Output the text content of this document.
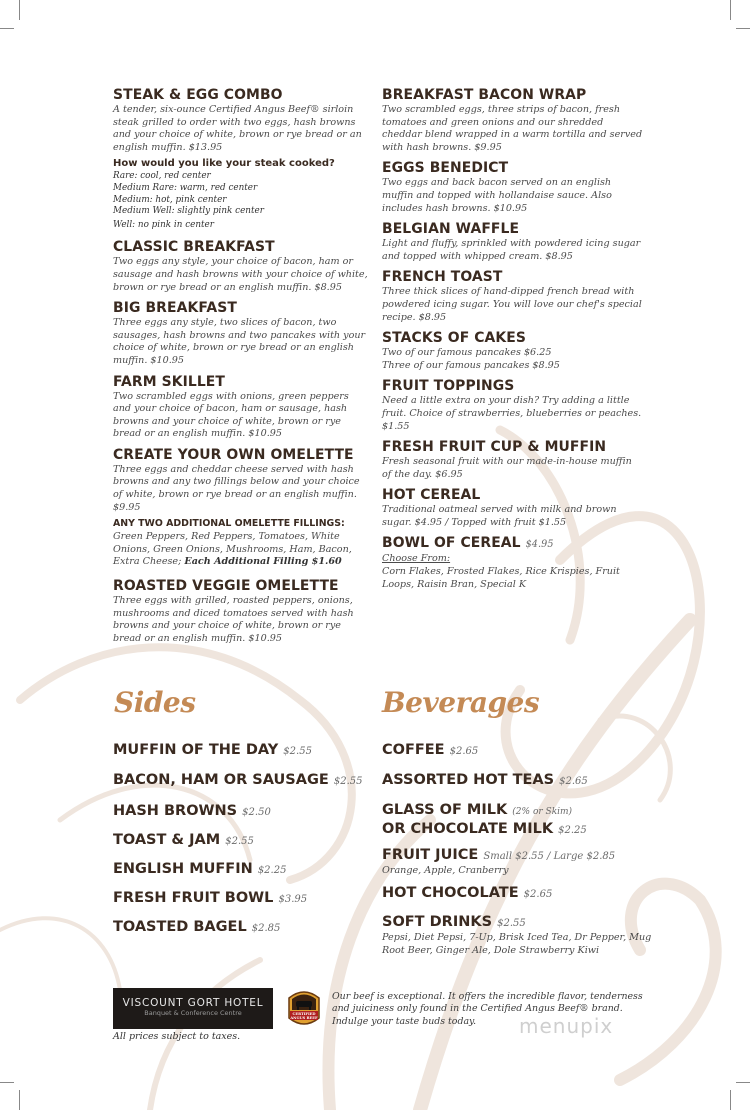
STEAK & EGG COMBO
A tender, six-ounce Certified Angus Beef® sirloin steak grilled to order with two eggs, hash browns and your choice of white, brown or rye bread or an english muffin. $13.95
How would you like your steak cooked?
Rare: cool, red center
Medium Rare: warm, red center
Medium: hot, pink center
Medium Well: slightly pink center
Well: no pink in center
CLASSIC BREAKFAST
Two eggs any style, your choice of bacon, ham or sausage and hash browns with your choice of white, brown or rye bread or an english muffin. $8.95
BIG BREAKFAST
Three eggs any style, two slices of bacon, two sausages, hash browns and two pancakes with your choice of white, brown or rye bread or an english muffin. $10.95
FARM SKILLET
Two scrambled eggs with onions, green peppers and your choice of bacon, ham or sausage, hash browns and your choice of white, brown or rye bread or an english muffin. $10.95
CREATE YOUR OWN OMELETTE
Three eggs and cheddar cheese served with hash browns and any two fillings below and your choice of white, brown or rye bread or an english muffin. $9.95
ANY TWO ADDITIONAL OMELETTE FILLINGS:
Green Peppers, Red Peppers, Tomatoes, White Onions, Green Onions, Mushrooms, Ham, Bacon, Extra Cheese; Each Additional Filling $1.60
ROASTED VEGGIE OMELETTE
Three eggs with grilled, roasted peppers, onions, mushrooms and diced tomatoes served with hash browns and your choice of white, brown or rye bread or an english muffin. $10.95
BREAKFAST BACON WRAP
Two scrambled eggs, three strips of bacon, fresh tomatoes and green onions and our shredded cheddar blend wrapped in a warm tortilla and served with hash browns. $9.95
EGGS BENEDICT
Two eggs and back bacon served on an english muffin and topped with hollandaise sauce. Also includes hash browns. $10.95
BELGIAN WAFFLE
Light and fluffy, sprinkled with powdered icing sugar and topped with whipped cream. $8.95
FRENCH TOAST
Three thick slices of hand-dipped french bread with powdered icing sugar. You will love our chef's special recipe. $8.95
STACKS OF CAKES
Two of our famous pancakes $6.25
Three of our famous pancakes $8.95
FRUIT TOPPINGS
Need a little extra on your dish? Try adding a little fruit. Choice of strawberries, blueberries or peaches. $1.55
FRESH FRUIT CUP & MUFFIN
Fresh seasonal fruit with our made-in-house muffin of the day. $6.95
HOT CEREAL
Traditional oatmeal served with milk and brown sugar. $4.95 / Topped with fruit $1.55
BOWL OF CEREAL $4.95
Choose From:
Corn Flakes, Frosted Flakes, Rice Krispies, Fruit Loops, Raisin Bran, Special K
Sides
MUFFIN OF THE DAY $2.55
BACON, HAM OR SAUSAGE $2.55
HASH BROWNS $2.50
TOAST & JAM $2.55
ENGLISH MUFFIN $2.25
FRESH FRUIT BOWL $3.95
TOASTED BAGEL $2.85
Beverages
COFFEE $2.65
ASSORTED HOT TEAS $2.65
GLASS OF MILK (2% or Skim)
OR CHOCOLATE MILK $2.25
FRUIT JUICE Small $2.55 / Large $2.85
Orange, Apple, Cranberry
HOT CHOCOLATE $2.65
SOFT DRINKS $2.55
Pepsi, Diet Pepsi, 7-Up, Brisk Iced Tea, Dr Pepper, Mug Root Beer, Ginger Ale, Dole Strawberry Kiwi
VISCOUNT GORT HOTEL
Banquet & Conference Centre
All prices subject to taxes.
CERTIFIED
ANGUS BEEF
Our beef is exceptional. It offers the incredible flavor, tenderness and juiciness only found in the Certified Angus Beef® brand. Indulge your taste buds today.	menupix
